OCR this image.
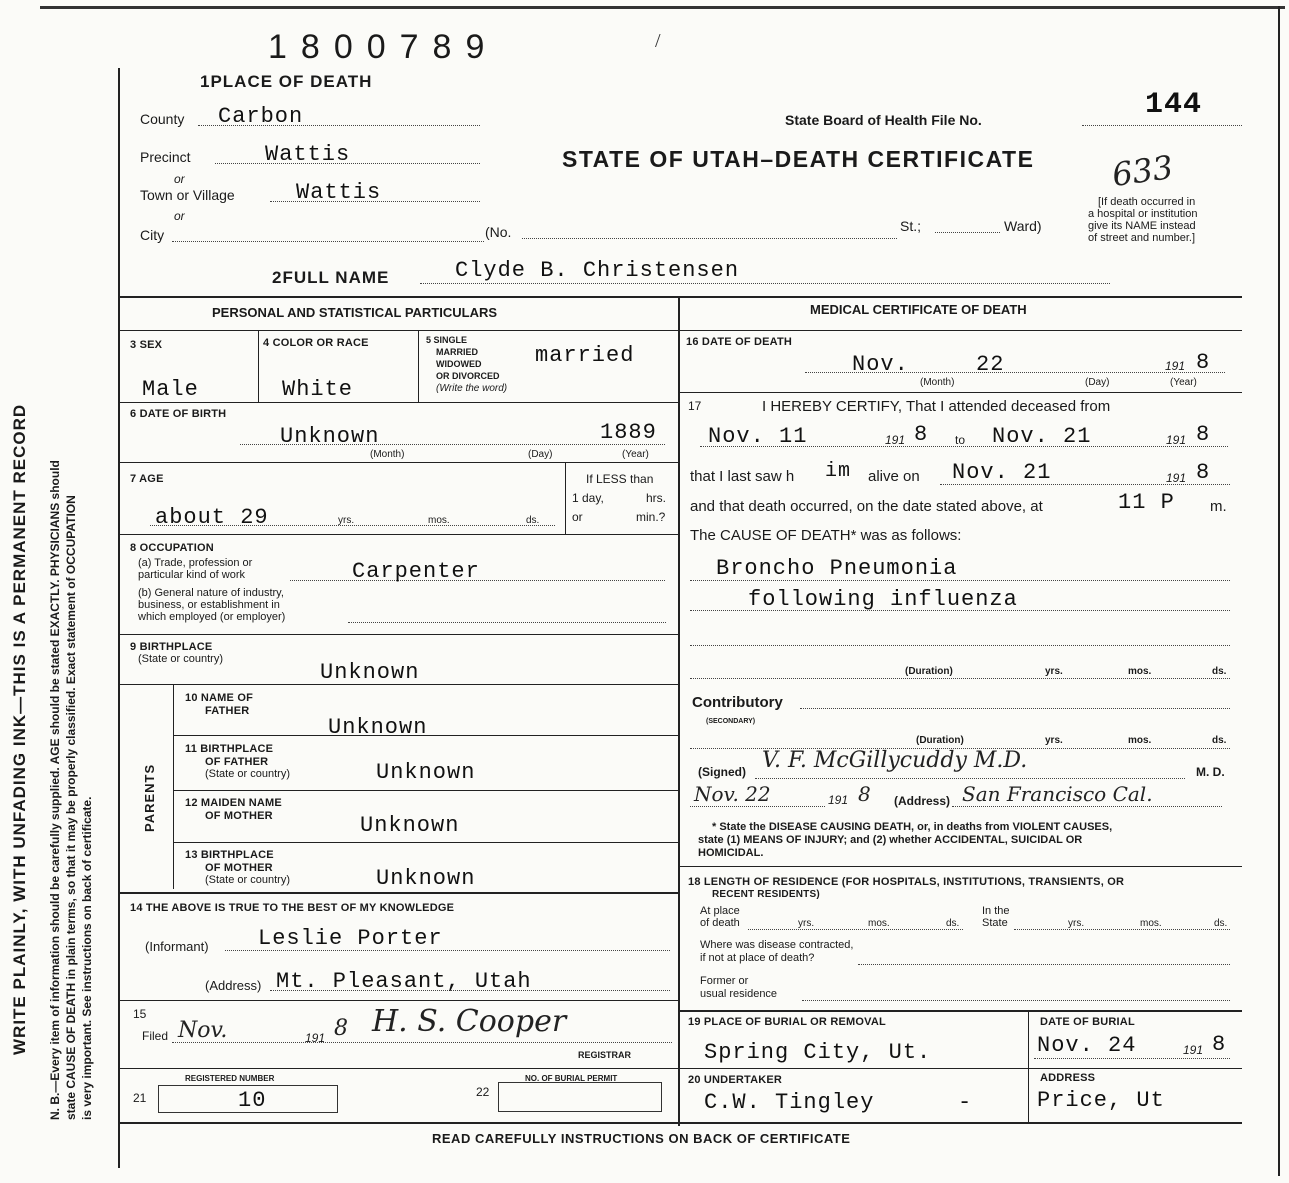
WRITE PLAINLY, WITH UNFADING INK—THIS IS A PERMANENT RECORD N. B.—Every item of information should be carefully supplied. AGE should be stated EXACTLY. PHYSICIANS should state CAUSE OF DEATH in plain terms, so that it may be properly classified. Exact statement of OCCUPATION is very important. See instructions on back of certificate.
1800789	/
1PLACE OF DEATH
County Carbon
Precinct	Wattis
or
Town or Village	Wattis
or
City	(No.	St.;	Ward)
State Board of Health File No.	144
STATE OF UTAH–DEATH CERTIFICATE 633
[If death occurred in
a hospital or institution
give its NAME instead
of street and number.]
2FULL NAME	Clyde B. Christensen
PERSONAL AND STATISTICAL PARTICULARS	MEDICAL CERTIFICATE OF DEATH
3 SEX
Male
4 COLOR OR RACE
White
5 SINGLE
MARRIED
WIDOWED
OR DIVORCED
(Write the word)
married
6 DATE OF BIRTH
Unknown	1889
(Month)	(Day)	(Year)
7 AGE
about 29	yrs.	mos.	ds.
If LESS than
1 day,	hrs.
or	min.?
8 OCCUPATION
(a) Trade, profession or
particular kind of work	Carpenter
(b) General nature of industry,
business, or establishment in
which employed (or employer)
9 BIRTHPLACE
(State or country)
Unknown
PARENTS
10 NAME OF
FATHER
Unknown
11 BIRTHPLACE
OF FATHER
(State or country)	Unknown
12 MAIDEN NAME
OF MOTHER	Unknown
13 BIRTHPLACE
OF MOTHER
(State or country)	Unknown
14 THE ABOVE IS TRUE TO THE BEST OF MY KNOWLEDGE
(Informant) Leslie Porter
(Address) Mt. Pleasant, Utah
15
Filed Nov.	191 8 H. S. Cooper
REGISTRAR
REGISTERED NUMBER
21	10
NO. OF BURIAL PERMIT
22
16 DATE OF DEATH
Nov.	22	191 8
(Month)	(Day)	(Year)
17	I HEREBY CERTIFY, That I attended deceased from
Nov. 11	191 8 to Nov. 21	191 8
that I last saw h im alive on Nov. 21	191 8
and that death occurred, on the date stated above, at	11 P m.
The CAUSE OF DEATH* was as follows:
Broncho Pneumonia
following influenza
(Duration)	yrs.	mos.	ds.
Contributory
(SECONDARY)
(Duration)	yrs.	mos.	ds.
(Signed) V. F. McGillycuddy M.D.	M. D.
Nov. 22	191 8 (Address) San Francisco Cal.
* State the DISEASE CAUSING DEATH, or, in deaths from VIOLENT CAUSES,
state (1) MEANS OF INJURY; and (2) whether ACCIDENTAL, SUICIDAL OR
HOMICIDAL.
18 LENGTH OF RESIDENCE (FOR HOSPITALS, INSTITUTIONS, TRANSIENTS, OR
RECENT RESIDENTS)
At place
of death	yrs.	mos.	ds.
In the
State	yrs.	mos.	ds.
Where was disease contracted,
if not at place of death?
Former or
usual residence
19 PLACE OF BURIAL OR REMOVAL
Spring City, Ut.
DATE OF BURIAL
Nov. 24	191 8
20 UNDERTAKER
C.W. Tingley	-
ADDRESS
Price, Ut
READ CAREFULLY INSTRUCTIONS ON BACK OF CERTIFICATE
